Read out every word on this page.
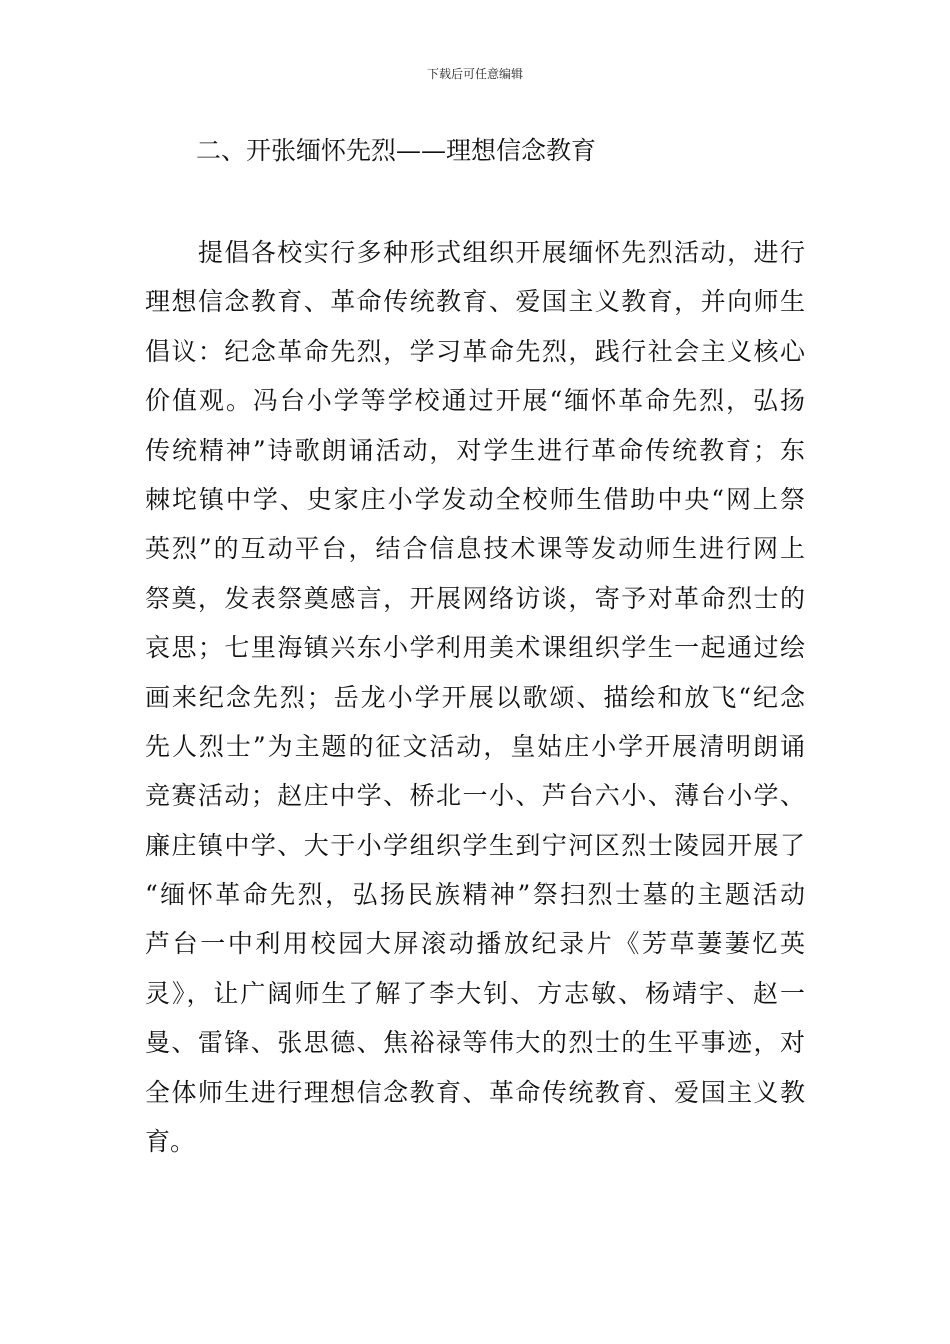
下载后可任意编辑
二、开张缅怀先烈——理想信念教育
　　提倡各校实行多种形式组织开展缅怀先烈活动，进行
理想信念教育、革命传统教育、爱国主义教育，并向师生
倡议：纪念革命先烈，学习革命先烈，践行社会主义核心
价值观。冯台小学等学校通过开展“缅怀革命先烈，弘扬
传统精神”诗歌朗诵活动，对学生进行革命传统教育；东
棘坨镇中学、史家庄小学发动全校师生借助中央“网上祭
英烈”的互动平台，结合信息技术课等发动师生进行网上
祭奠，发表祭奠感言，开展网络访谈，寄予对革命烈士的
哀思；七里海镇兴东小学利用美术课组织学生一起通过绘
画来纪念先烈；岳龙小学开展以歌颂、描绘和放飞“纪念
先人烈士”为主题的征文活动，皇姑庄小学开展清明朗诵
竞赛活动；赵庄中学、桥北一小、芦台六小、薄台小学、
廉庄镇中学、大于小学组织学生到宁河区烈士陵园开展了
“缅怀革命先烈，弘扬民族精神”祭扫烈士墓的主题活动
芦台一中利用校园大屏滚动播放纪录片《芳草萋萋忆英
灵》，让广阔师生了解了李大钊、方志敏、杨靖宇、赵一
曼、雷锋、张思德、焦裕禄等伟大的烈士的生平事迹，对
全体师生进行理想信念教育、革命传统教育、爱国主义教
育。
